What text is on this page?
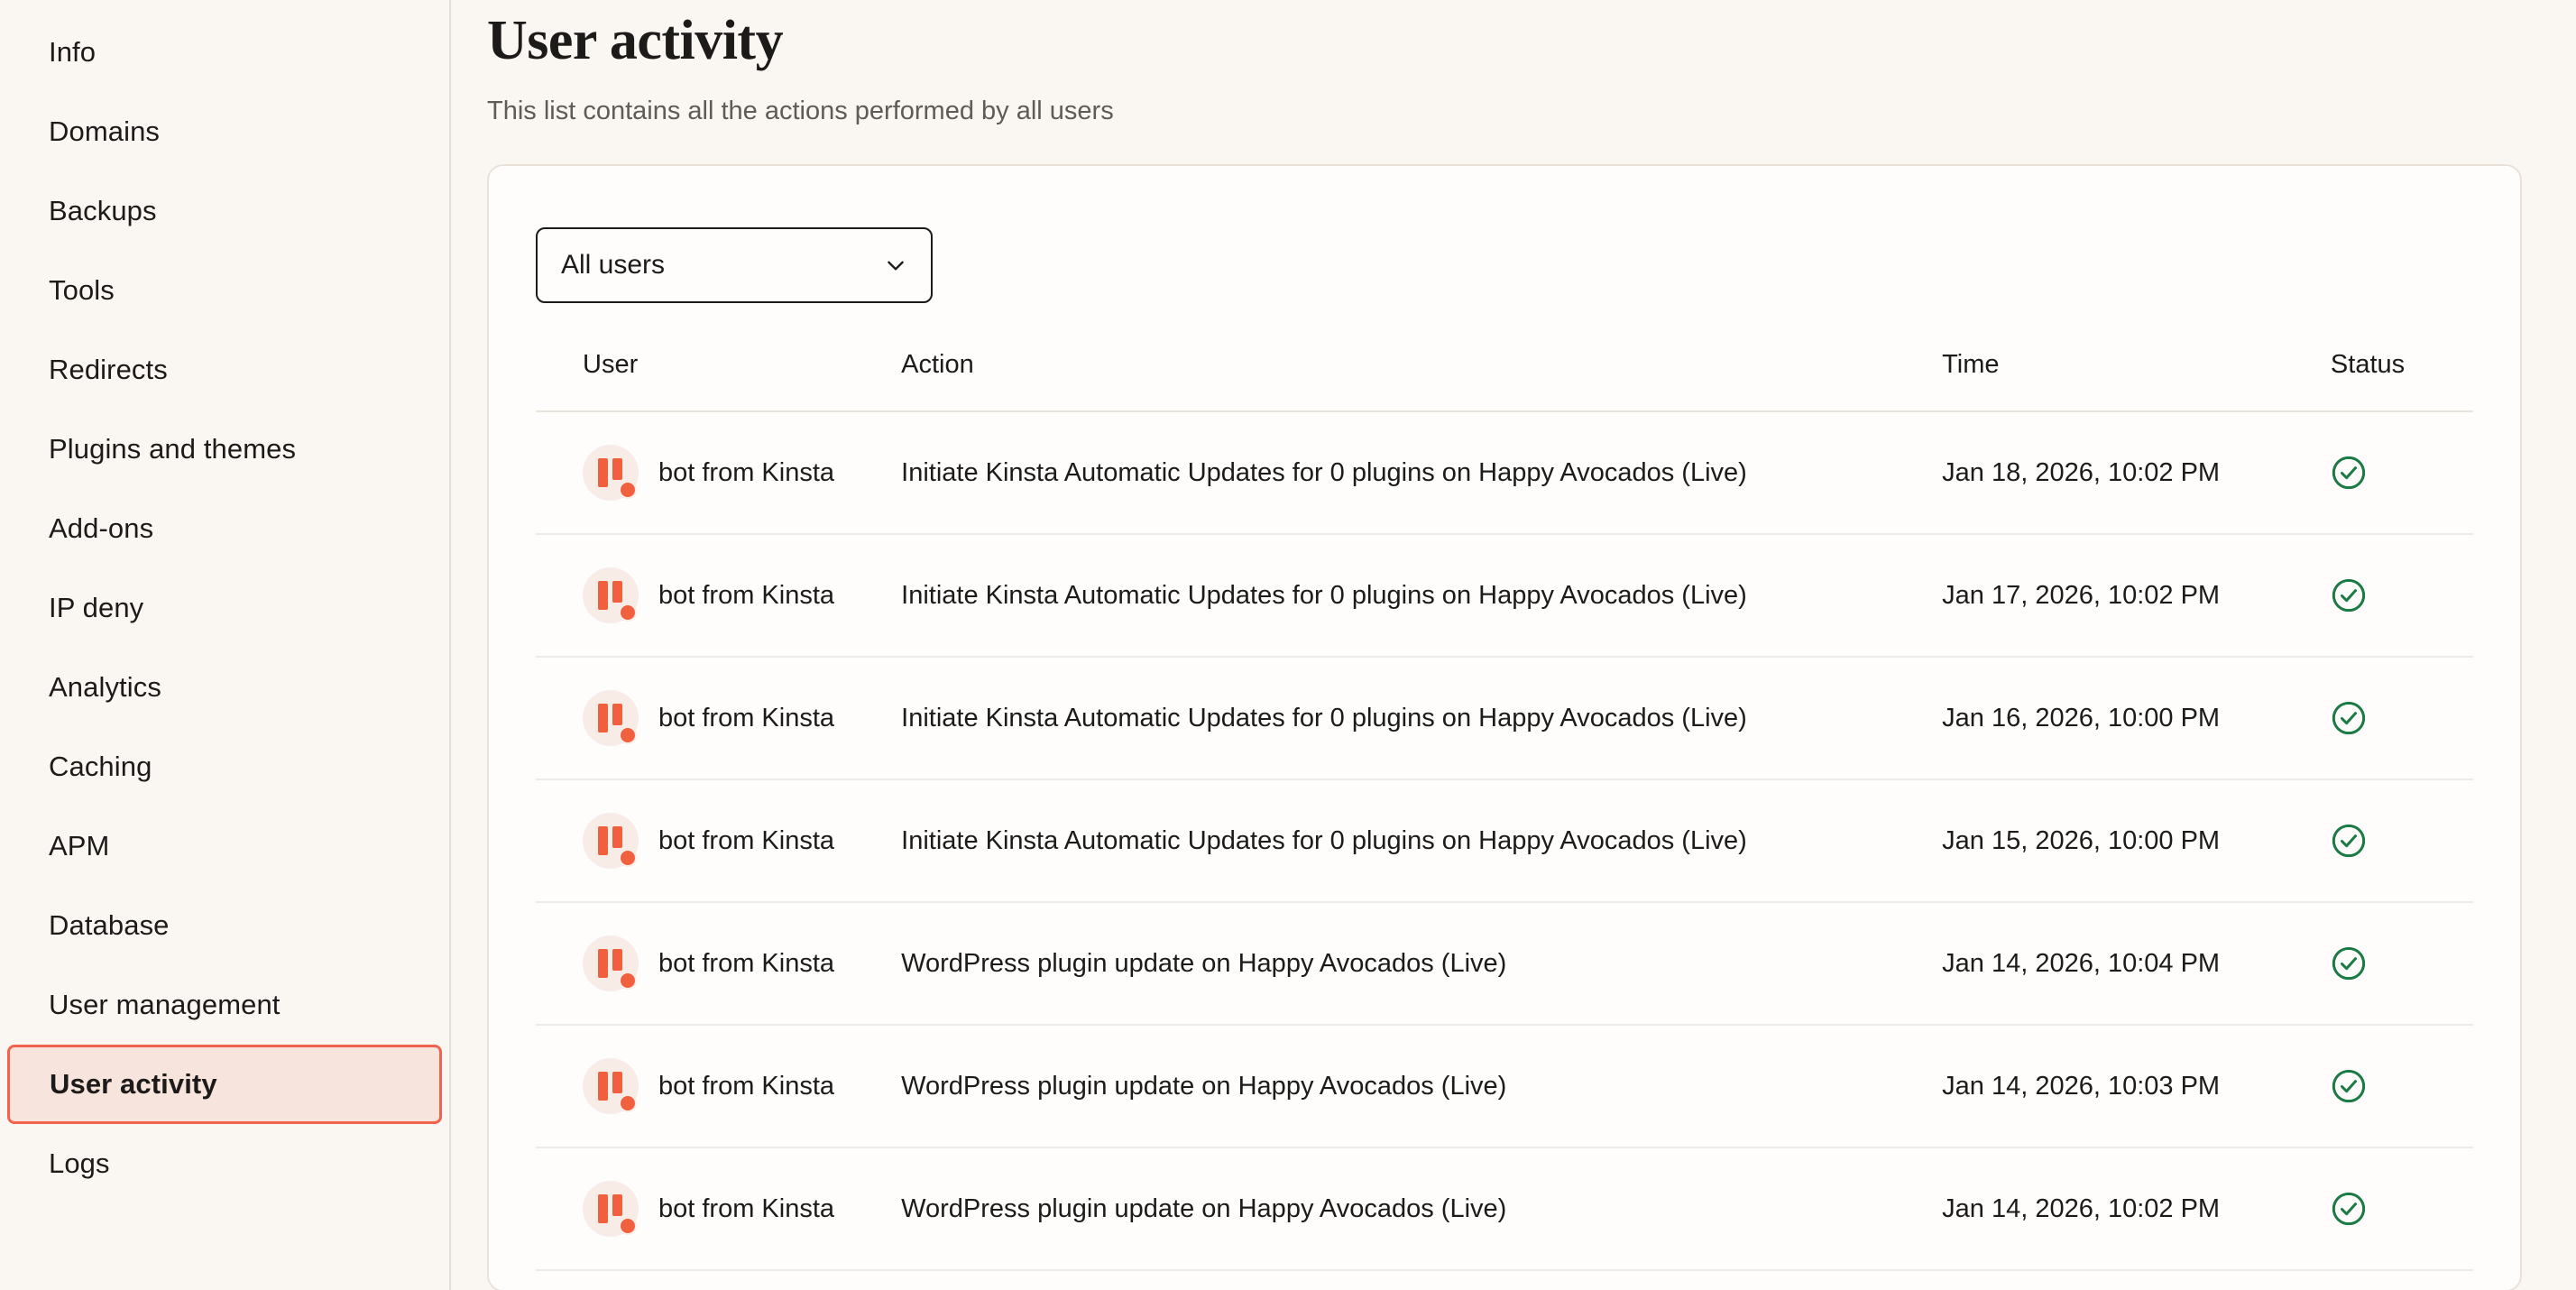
Info
Domains
Backups
Tools
Redirects
Plugins and themes
Add-ons
IP deny
Analytics
Caching
APM
Database
User management
User activity
Logs
User activity

This list contains all the actions performed by all users

All users
User	Action	Time	Status

bot from Kinsta	Initiate Kinsta Automatic Updates for 0 plugins on Happy Avocados (Live)	Jan 18, 2026, 10:02 PM	

bot from Kinsta	Initiate Kinsta Automatic Updates for 0 plugins on Happy Avocados (Live)	Jan 17, 2026, 10:02 PM	

bot from Kinsta	Initiate Kinsta Automatic Updates for 0 plugins on Happy Avocados (Live)	Jan 16, 2026, 10:00 PM	

bot from Kinsta	Initiate Kinsta Automatic Updates for 0 plugins on Happy Avocados (Live)	Jan 15, 2026, 10:00 PM	

bot from Kinsta	WordPress plugin update on Happy Avocados (Live)	Jan 14, 2026, 10:04 PM	

bot from Kinsta	WordPress plugin update on Happy Avocados (Live)	Jan 14, 2026, 10:03 PM	

bot from Kinsta	WordPress plugin update on Happy Avocados (Live)	Jan 14, 2026, 10:02 PM	
